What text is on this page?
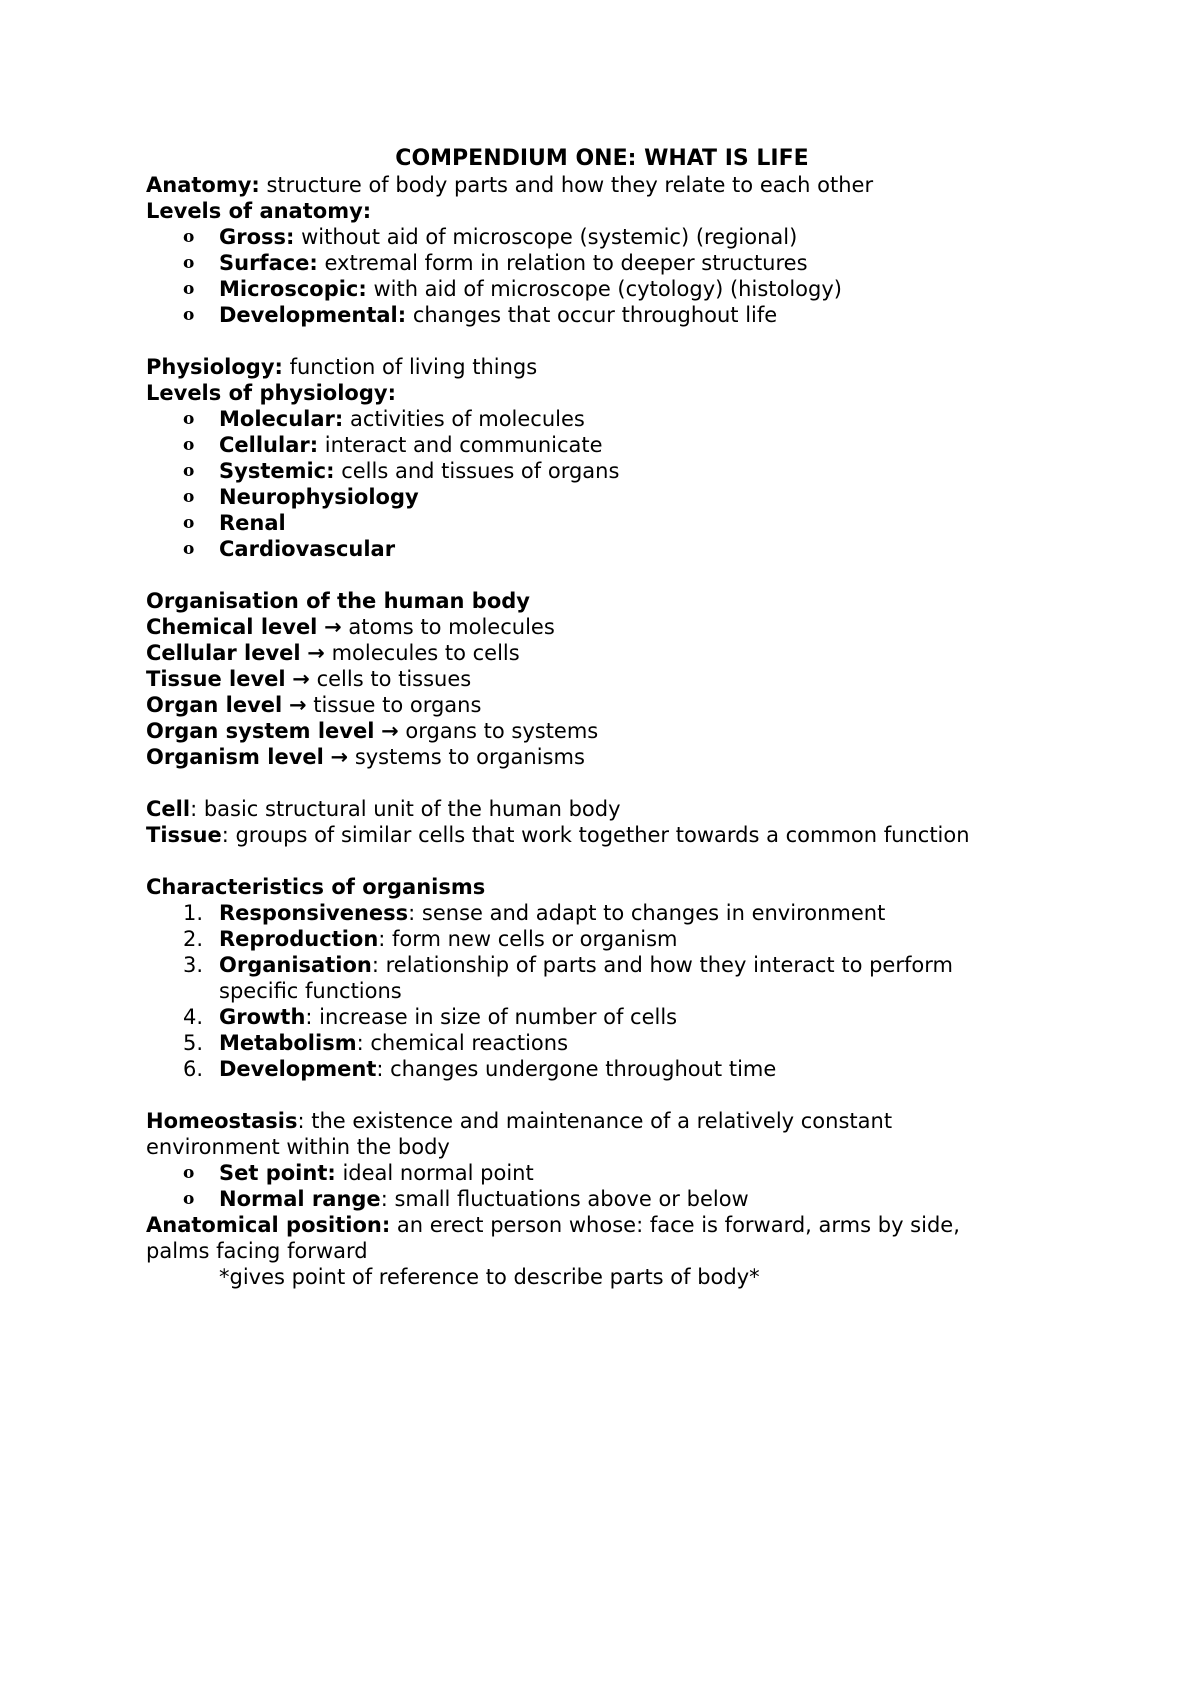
COMPENDIUM ONE: WHAT IS LIFE
Anatomy: structure of body parts and how they relate to each other
Levels of anatomy:
o Gross: without aid of microscope (systemic) (regional)
o Surface: extremal form in relation to deeper structures
o Microscopic: with aid of microscope (cytology) (histology)
o Developmental: changes that occur throughout life
Physiology: function of living things
Levels of physiology:
o Molecular: activities of molecules
o Cellular: interact and communicate
o Systemic: cells and tissues of organs
o Neurophysiology
o Renal
o Cardiovascular
Organisation of the human body
Chemical level → atoms to molecules
Cellular level → molecules to cells
Tissue level → cells to tissues
Organ level → tissue to organs
Organ system level → organs to systems
Organism level → systems to organisms
Cell: basic structural unit of the human body
Tissue: groups of similar cells that work together towards a common function
Characteristics of organisms
1. Responsiveness: sense and adapt to changes in environment
2. Reproduction: form new cells or organism
3. Organisation: relationship of parts and how they interact to perform specific functions
4. Growth: increase in size of number of cells
5. Metabolism: chemical reactions
6. Development: changes undergone throughout time
Homeostasis: the existence and maintenance of a relatively constant
environment within the body
o Set point: ideal normal point
o Normal range: small fluctuations above or below
Anatomical position: an erect person whose: face is forward, arms by side,
palms facing forward
*gives point of reference to describe parts of body*
